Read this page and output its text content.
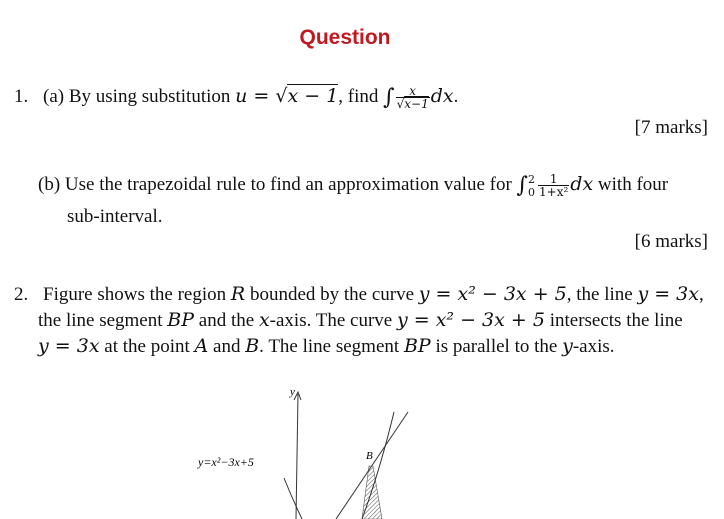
Question
1. (a) By using substitution u = √x − 1, find ∫ $\frac{x}{√x-1}$ dx.
[7 marks]
(b) Use the trapezoidal rule to find an approximation value for ∫ 2
$0 \frac{1}{\text{1+x²}}$ dx with four
sub-interval.
[6 marks]
2. Figure shows the region R bounded by the curve y = x² − 3x + 5, the line y = 3x,
the line segment BP and the x-axis. The curve y = x² − 3x + 5 intersects the line
y = 3x at the point A and B. The line segment BP is parallel to the y-axis.
y
y=x²−3x+5	B
